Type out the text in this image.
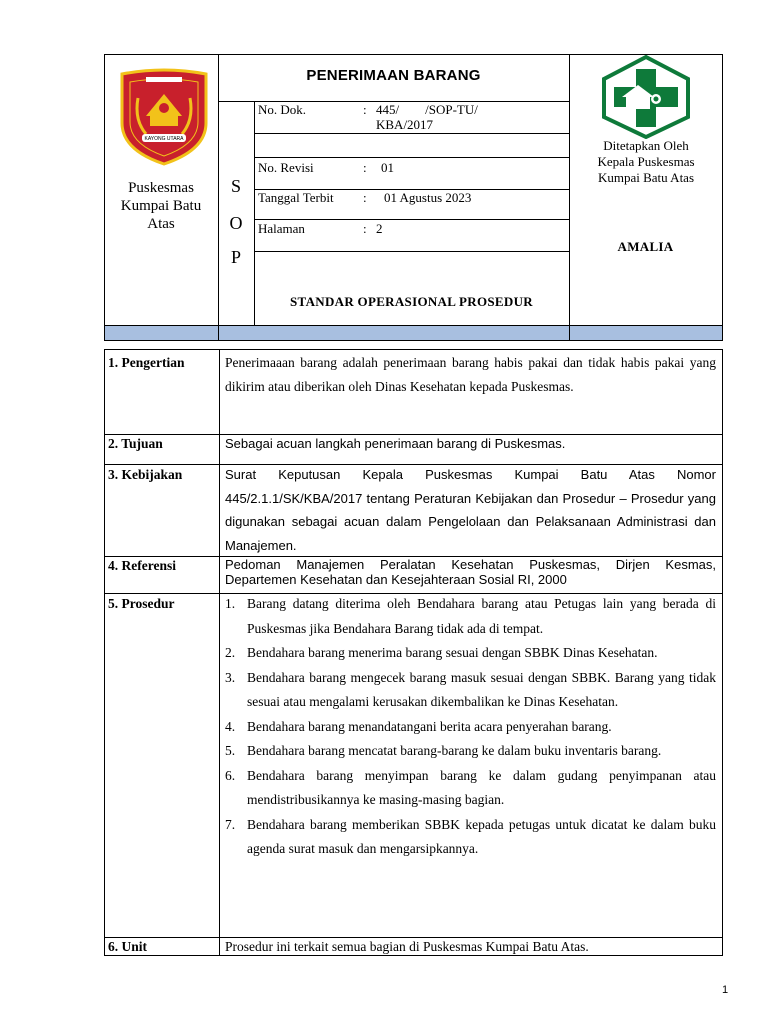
KAYONG UTARA
Puskesmas Kumpai Batu Atas
PENERIMAAN BARANG
S
O
P
No. Dok.	: 445/        /SOP-TU/
KBA/2017
No. Revisi	: 01
Tanggal Terbit : 01 Agustus 2023
Halaman	: 2
STANDAR OPERASIONAL PROSEDUR
Ditetapkan Oleh Kepala Puskesmas Kumpai Batu Atas
AMALIA
1. Pengertian	Penerimaaan barang adalah penerimaan barang habis pakai dan tidak habis pakai yang dikirim atau diberikan oleh Dinas Kesehatan kepada Puskesmas.
2. Tujuan	Sebagai acuan langkah penerimaan barang di Puskesmas.
3. Kebijakan	Surat Keputusan Kepala Puskesmas Kumpai Batu Atas Nomor 445/2.1.1/SK/KBA/2017 tentang Peraturan Kebijakan dan Prosedur – Prosedur yang digunakan sebagai acuan dalam Pengelolaan dan Pelaksanaan Administrasi dan Manajemen.
4. Referensi	Pedoman Manajemen Peralatan Kesehatan Puskesmas, Dirjen Kesmas, Departemen Kesehatan dan Kesejahteraan Sosial RI, 2000
5. Prosedur	1. Barang datang diterima oleh Bendahara barang atau Petugas lain yang berada di Puskesmas jika Bendahara Barang tidak ada di tempat.
2. Bendahara barang menerima barang sesuai dengan SBBK Dinas Kesehatan.
3. Bendahara barang mengecek barang masuk sesuai dengan SBBK. Barang yang tidak sesuai atau mengalami kerusakan dikembalikan ke Dinas Kesehatan.
4. Bendahara barang menandatangani berita acara penyerahan barang.
5. Bendahara barang mencatat barang-barang ke dalam buku inventaris barang.
6. Bendahara barang menyimpan barang ke dalam gudang penyimpanan atau mendistribusikannya ke masing-masing bagian.
7. Bendahara barang memberikan SBBK kepada petugas untuk dicatat ke dalam buku agenda surat masuk dan mengarsipkannya.
6. Unit	Prosedur ini terkait semua bagian di Puskesmas Kumpai Batu Atas.
1
